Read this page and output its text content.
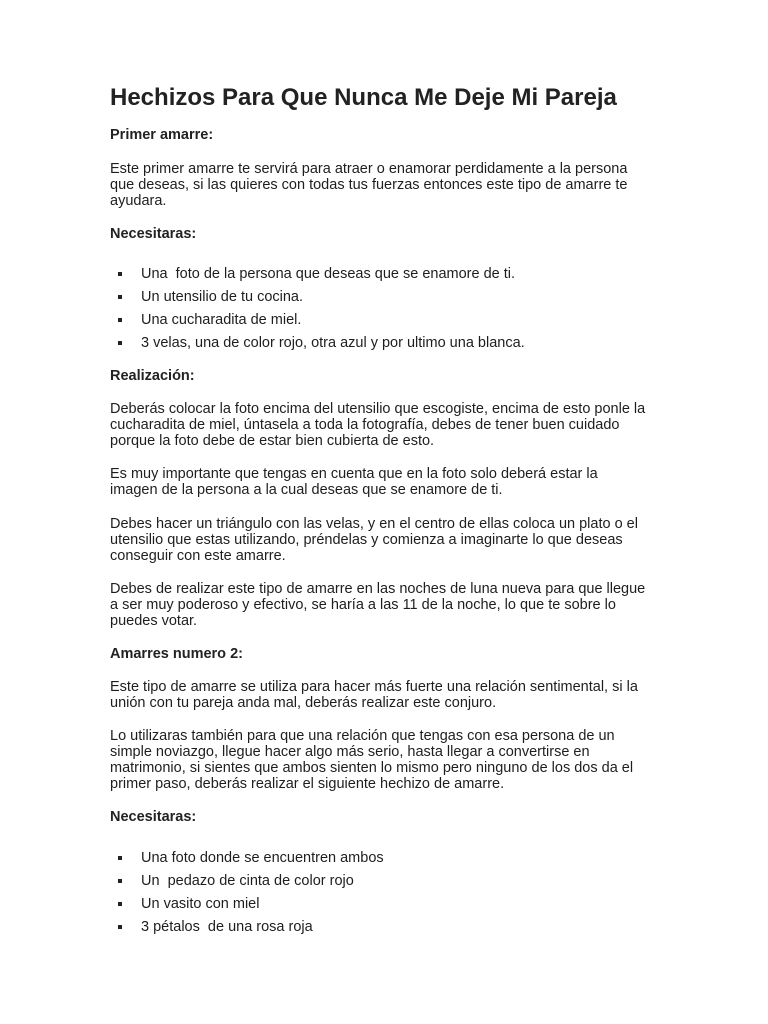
Hechizos Para Que Nunca Me Deje Mi Pareja
Primer amarre:

Este primer amarre te servirá para atraer o enamorar perdidamente a la persona
que deseas, si las quieres con todas tus fuerzas entonces este tipo de amarre te
ayudara.

Necesitaras:
Una  foto de la persona que deseas que se enamore de ti.
Un utensilio de tu cocina.
Una cucharadita de miel.
3 velas, una de color rojo, otra azul y por ultimo una blanca.
Realización:

Deberás colocar la foto encima del utensilio que escogiste, encima de esto ponle la
cucharadita de miel, úntasela a toda la fotografía, debes de tener buen cuidado
porque la foto debe de estar bien cubierta de esto.

Es muy importante que tengas en cuenta que en la foto solo deberá estar la
imagen de la persona a la cual deseas que se enamore de ti.

Debes hacer un triángulo con las velas, y en el centro de ellas coloca un plato o el
utensilio que estas utilizando, préndelas y comienza a imaginarte lo que deseas
conseguir con este amarre.

Debes de realizar este tipo de amarre en las noches de luna nueva para que llegue
a ser muy poderoso y efectivo, se haría a las 11 de la noche, lo que te sobre lo
puedes votar.

Amarres numero 2:

Este tipo de amarre se utiliza para hacer más fuerte una relación sentimental, si la
unión con tu pareja anda mal, deberás realizar este conjuro.

Lo utilizaras también para que una relación que tengas con esa persona de un
simple noviazgo, llegue hacer algo más serio, hasta llegar a convertirse en
matrimonio, si sientes que ambos sienten lo mismo pero ninguno de los dos da el
primer paso, deberás realizar el siguiente hechizo de amarre.

Necesitaras:
Una foto donde se encuentren ambos
Un  pedazo de cinta de color rojo
Un vasito con miel
3 pétalos  de una rosa roja
